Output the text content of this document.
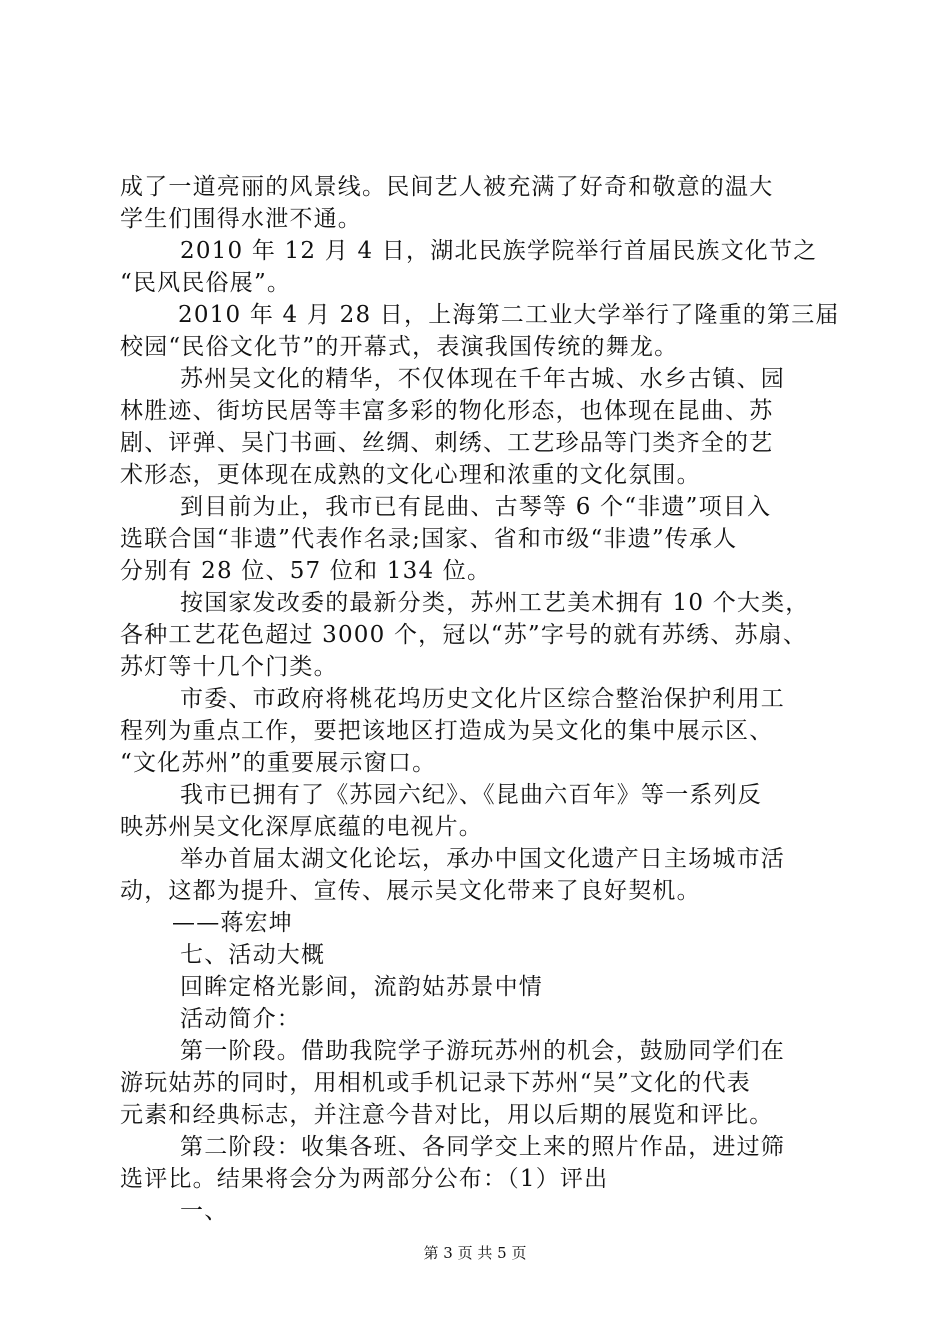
成了一道亮丽的风景线。民间艺人被充满了好奇和敬意的温大
学生们围得水泄不通。
2010 年 12 月 4 日，湖北民族学院举行首届民族文化节之
“民风民俗展”。
2010 年 4 月 28 日，上海第二工业大学举行了隆重的第三届
校园“民俗文化节”的开幕式，表演我国传统的舞龙。
苏州吴文化的精华，不仅体现在千年古城、水乡古镇、园
林胜迹、街坊民居等丰富多彩的物化形态，也体现在昆曲、苏
剧、评弹、吴门书画、丝绸、刺绣、工艺珍品等门类齐全的艺
术形态，更体现在成熟的文化心理和浓重的文化氛围。
到目前为止，我市已有昆曲、古琴等 6 个“非遗”项目入
选联合国“非遗”代表作名录;国家、省和市级“非遗”传承人
分别有 28 位、57 位和 134 位。
按国家发改委的最新分类，苏州工艺美术拥有 10 个大类，
各种工艺花色超过 3000 个，冠以“苏”字号的就有苏绣、苏扇、
苏灯等十几个门类。
市委、市政府将桃花坞历史文化片区综合整治保护利用工
程列为重点工作，要把该地区打造成为吴文化的集中展示区、
“文化苏州”的重要展示窗口。
我市已拥有了《苏园六纪》、《昆曲六百年》等一系列反
映苏州吴文化深厚底蕴的电视片。
举办首届太湖文化论坛，承办中国文化遗产日主场城市活
动，这都为提升、宣传、展示吴文化带来了良好契机。
——蒋宏坤
七、活动大概
回眸定格光影间，流韵姑苏景中情
活动简介：
第一阶段。借助我院学子游玩苏州的机会，鼓励同学们在
游玩姑苏的同时，用相机或手机记录下苏州“吴”文化的代表
元素和经典标志，并注意今昔对比，用以后期的展览和评比。
第二阶段：收集各班、各同学交上来的照片作品，进过筛
选评比。结果将会分为两部分公布：（1）评出
一、
第 3 页 共 5 页
